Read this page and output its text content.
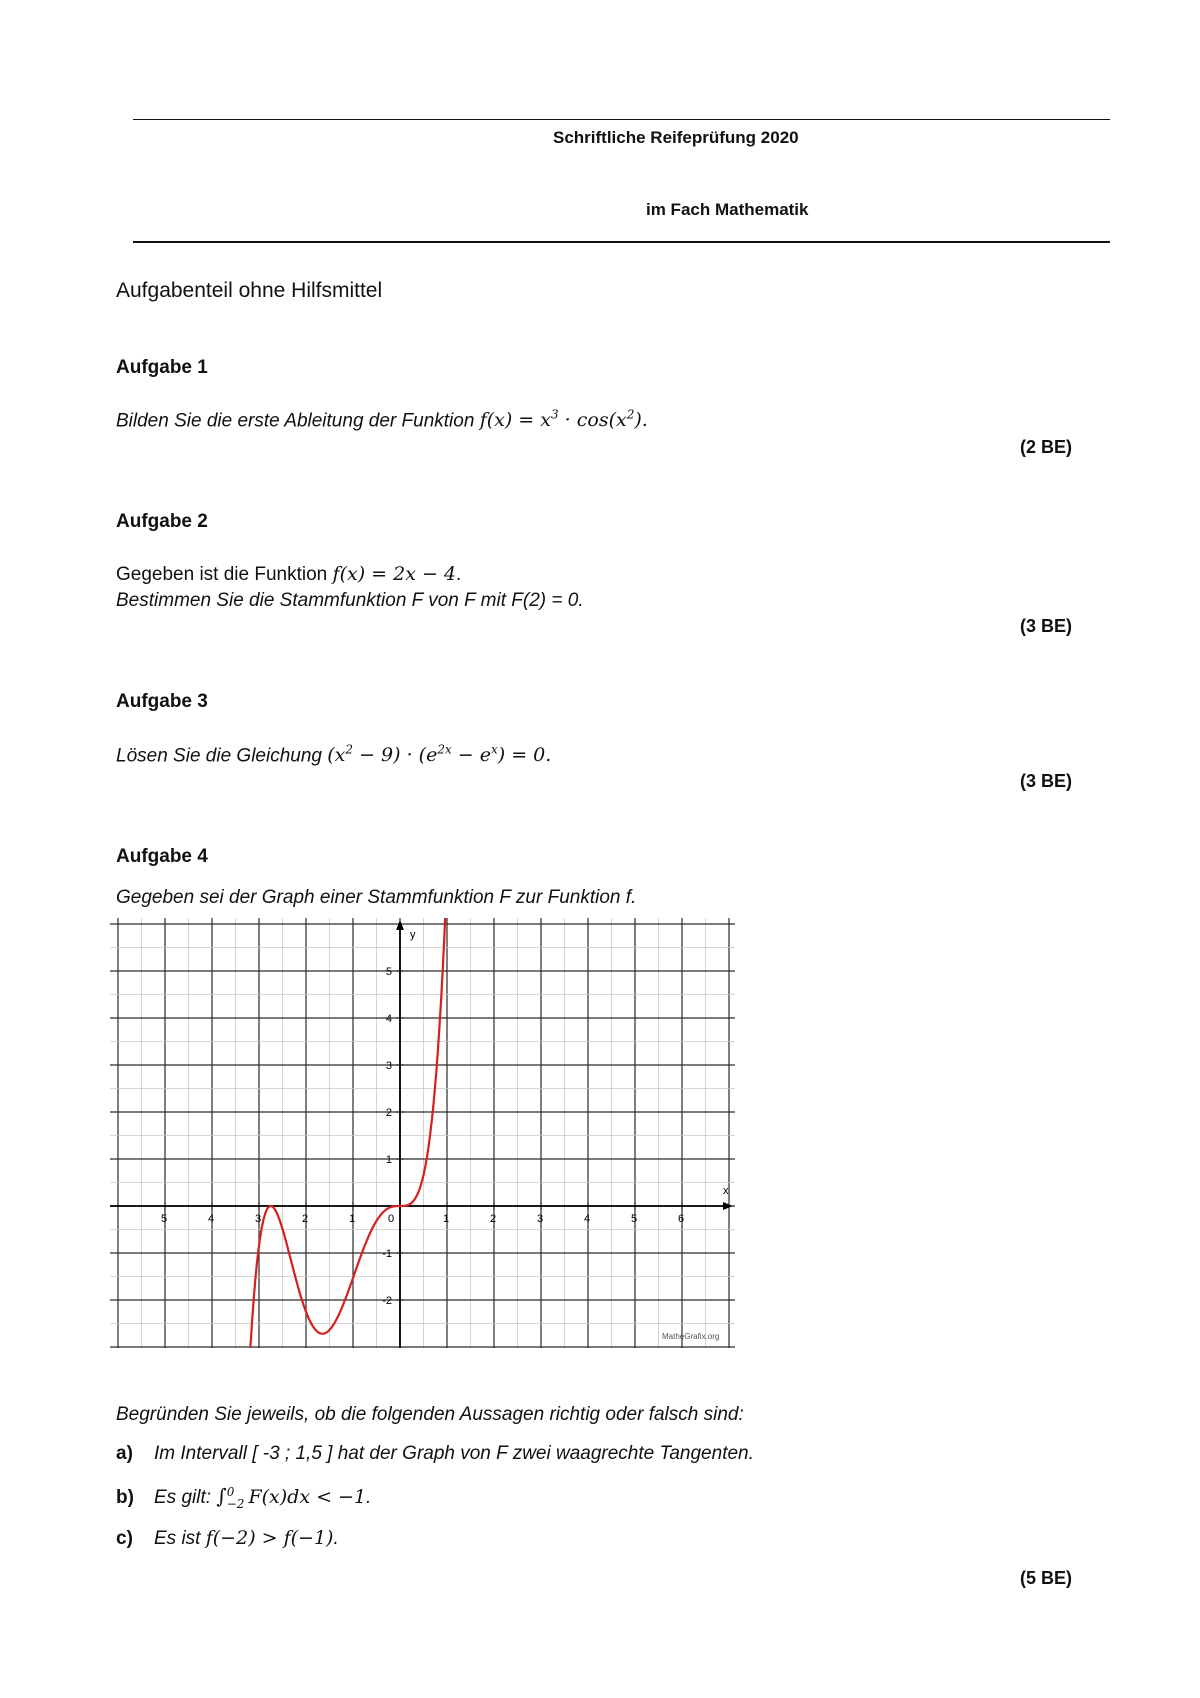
Schriftliche Reifeprüfung 2020
im Fach Mathematik
Aufgabenteil ohne Hilfsmittel
Aufgabe 1
Bilden Sie die erste Ableitung der Funktion $f(x) = x^3 \cdot \cos(x^2)$.
(2 BE)
Aufgabe 2
Gegeben ist die Funktion f(x) = 2x − 4.
Bestimmen Sie die Stammfunktion F von F mit F(2) = 0.
(3 BE)
Aufgabe 3
Lösen Sie die Gleichung $(x^2 - 9) \cdot (e^{2x} - e^x) = 0$.
(3 BE)
Aufgabe 4
Gegeben sei der Graph einer Stammfunktion F zur Funktion f.
x
y
5	4	3	2	1	0	1	2	3	4	5	6
5
4
3
2
1
-1
-2
MatheGrafix.org
Begründen Sie jeweils, ob die folgenden Aussagen richtig oder falsch sind:
a) Im Intervall [ -3 ; 1,5 ] hat der Graph von F zwei waagrechte Tangenten.
b) Es gilt: ∫ 0
−2 F(x)dx < −1.
c) Es ist f(−2) > f(−1).
(5 BE)
